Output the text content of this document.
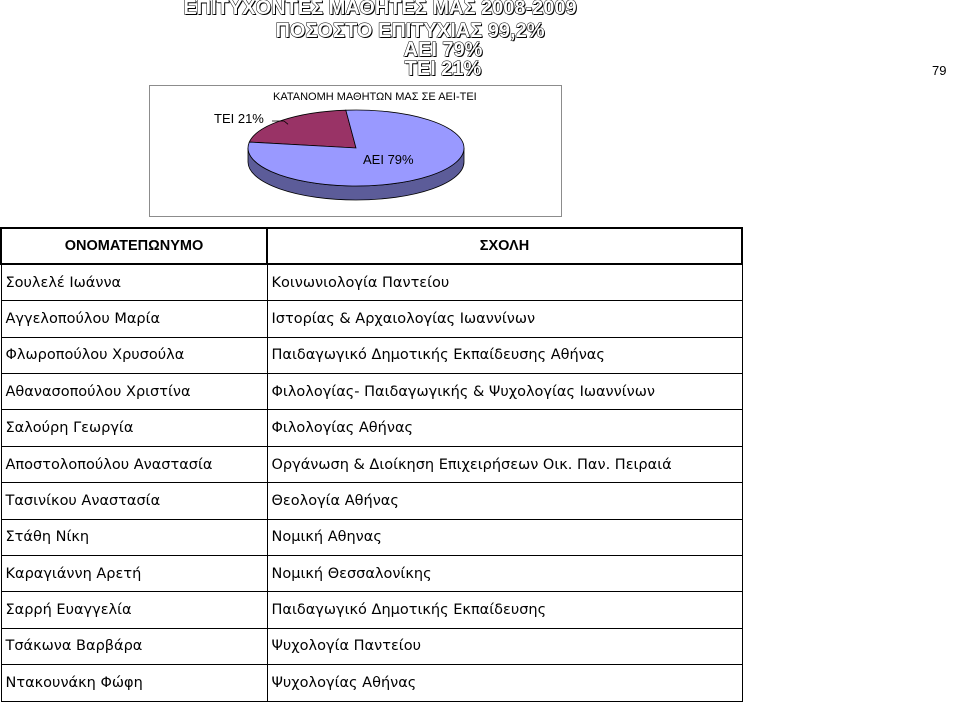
ΕΠΙΤΥΧΟΝΤΕΣ ΜΑΘΗΤΕΣ ΜΑΣ 2008-2009
ΠΟΣΟΣΤΟ ΕΠΙΤΥΧΙΑΣ 99,2%
ΑΕΙ 79%
ΤΕΙ 21%	79
ΚΑΤΑΝΟΜΗ ΜΑΘΗΤΩΝ ΜΑΣ ΣΕ ΑΕΙ-ΤΕΙ
ΤΕΙ 21%
ΑΕΙ 79%
ΟΝΟΜΑΤΕΠΩΝΥΜΟ	ΣΧΟΛΗ
Σουλελέ Ιωάννα	Κοινωνιολογία Παντείου
Αγγελοπούλου Μαρία	Ιστορίας & Αρχαιολογίας Ιωαννίνων
Φλωροπούλου Χρυσούλα	Παιδαγωγικό Δημοτικής Εκπαίδευσης Αθήνας
Αθανασοπούλου Χριστίνα	Φιλολογίας- Παιδαγωγικής & Ψυχολογίας Ιωαννίνων
Σαλούρη Γεωργία	Φιλολογίας Αθήνας
Αποστολοπούλου Αναστασία	Οργάνωση & Διοίκηση Επιχειρήσεων Οικ. Παν. Πειραιά
Τασινίκου Αναστασία	Θεολογία Αθήνας
Στάθη Νίκη	Νομική Αθηνας
Καραγιάννη Αρετή	Νομική Θεσσαλονίκης
Σαρρή Ευαγγελία	Παιδαγωγικό Δημοτικής Εκπαίδευσης
Τσάκωνα Βαρβάρα	Ψυχολογία Παντείου
Ντακουνάκη Φώφη	Ψυχολογίας Αθήνας
